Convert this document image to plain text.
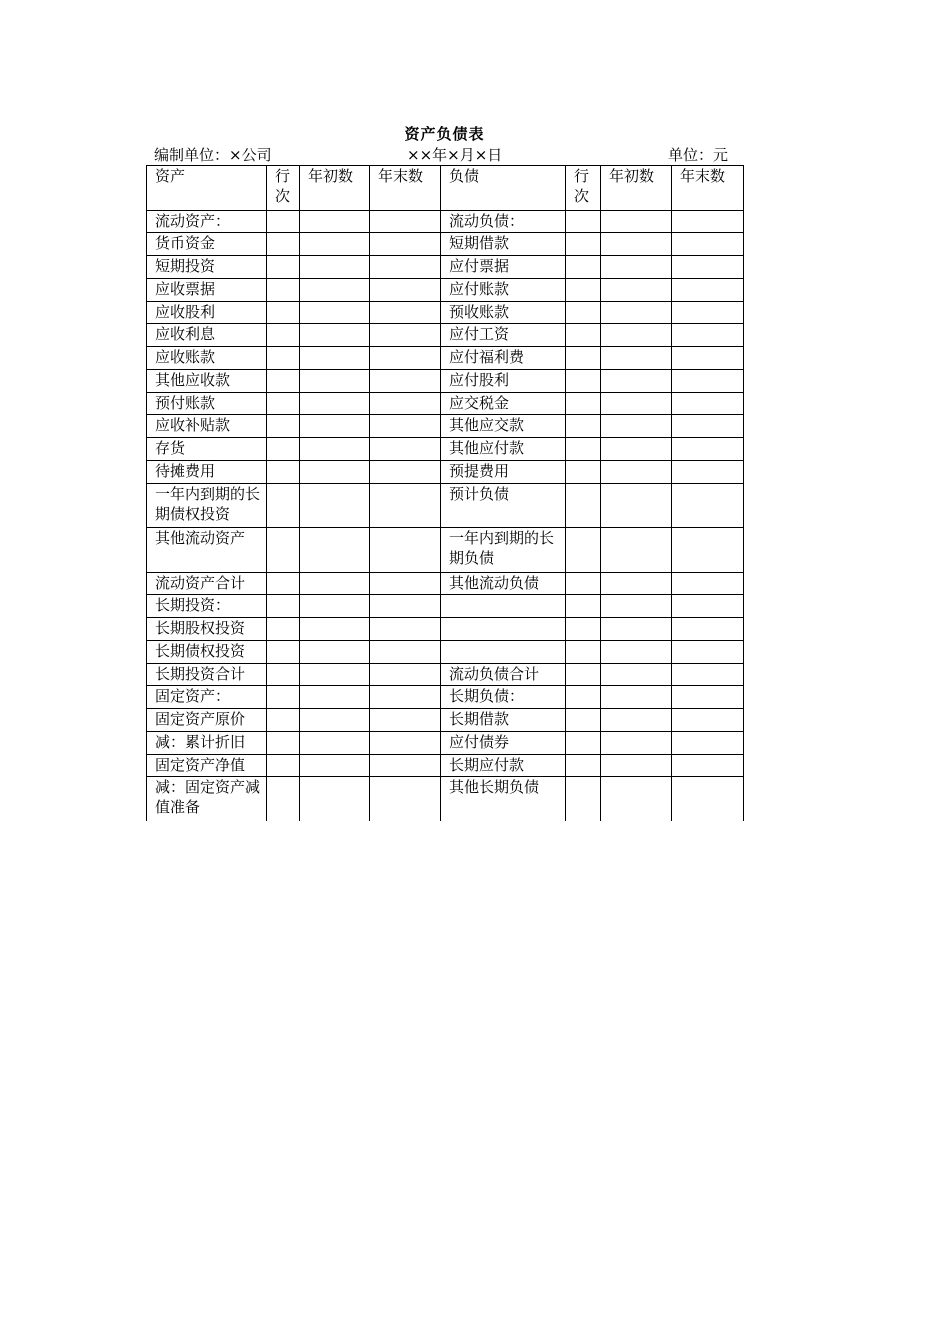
资产负债表
编制单位：×公司	××年×月×日	单位：元
资产	行次	年初数	年末数	负债	行次	年初数	年末数
流动资产：				流动负债：			
货币资金				短期借款			
短期投资				应付票据			
应收票据				应付账款			
应收股利				预收账款			
应收利息				应付工资			
应收账款				应付福利费			
其他应收款				应付股利			
预付账款				应交税金			
应收补贴款				其他应交款			
存货				其他应付款			
待摊费用				预提费用			
一年内到期的长期债权投资				预计负债			
其他流动资产				一年内到期的长期负债			
流动资产合计				其他流动负债			
长期投资：							
长期股权投资							
长期债权投资							
长期投资合计				流动负债合计			
固定资产：				长期负债：			
固定资产原价				长期借款			
减：累计折旧				应付债券			
固定资产净值				长期应付款			
减：固定资产减值准备				其他长期负债			
